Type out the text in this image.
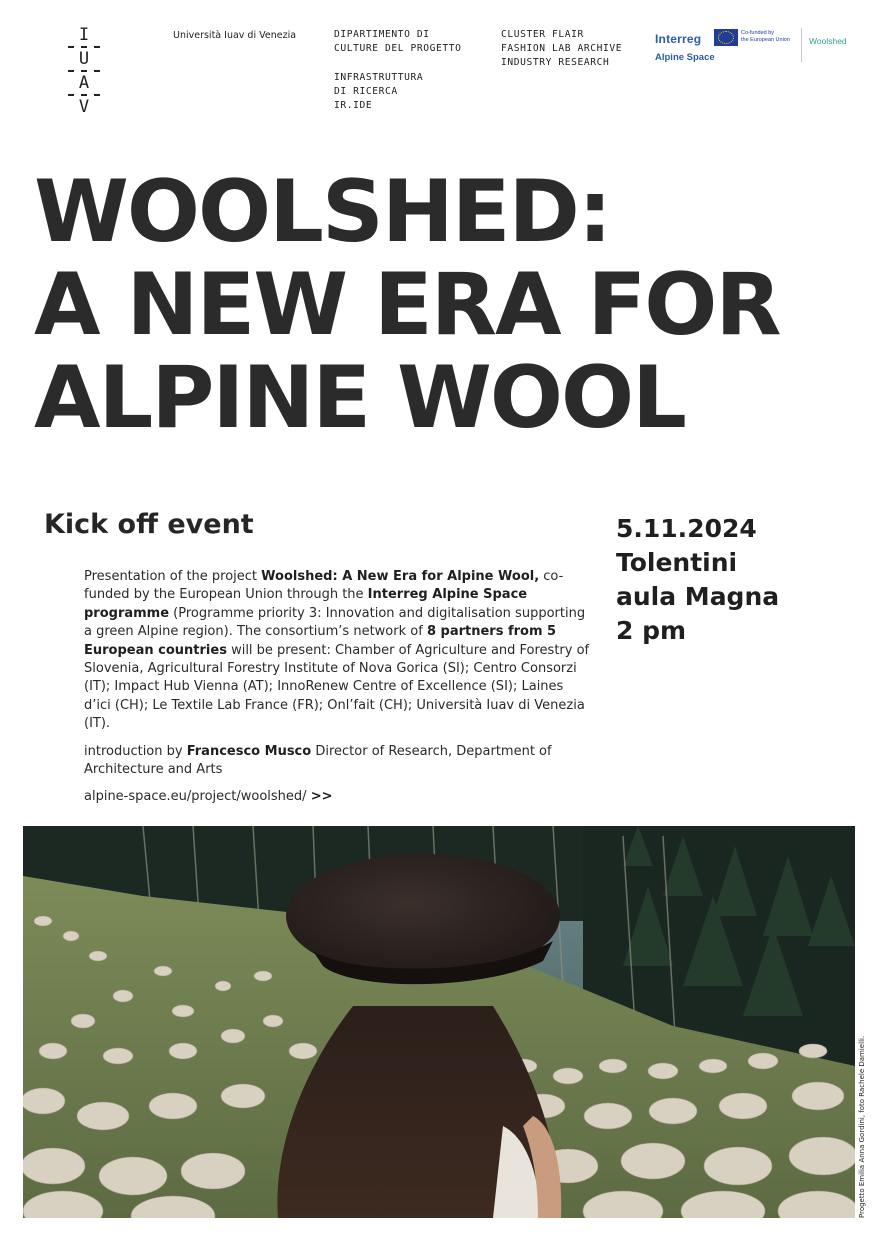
I
U
A
V
Università Iuav di Venezia	DIPARTIMENTO DI
CULTURE DEL PROGETTO
INFRASTRUTTURA
DI RICERCA
IR.IDE
CLUSTER FLAIR
FASHION LAB ARCHIVE
INDUSTRY RESEARCH
Interreg	Co-funded by
the European Union
Alpine Space
Woolshed
WOOLSHED:
A NEW ERA FOR
ALPINE WOOL
Kick off event	5.11.2024
Tolentini
aula Magna
2 pm

Presentation of the project Woolshed: A New Era for Alpine Wool, co-funded by the European Union through the Interreg Alpine Space programme (Programme priority 3: Innovation and digitalisation supporting a green Alpine region). The consortium’s network of 8 partners from 5 European countries will be present: Chamber of Agriculture and Forestry of Slovenia, Agricultural Forestry Institute of Nova Gorica (SI); Centro Consorzi (IT); Impact Hub Vienna (AT); InnoRenew Centre of Excellence (SI); Laines d’ici (CH); Le Textile Lab France (FR); Onl’fait (CH); Università Iuav di Venezia (IT).

introduction by Francesco Musco Director of Research, Department of Architecture and Arts

alpine-space.eu/project/woolshed/ >>

Progetto Emilia Anna Gordini, foto Rachele Damielli.
